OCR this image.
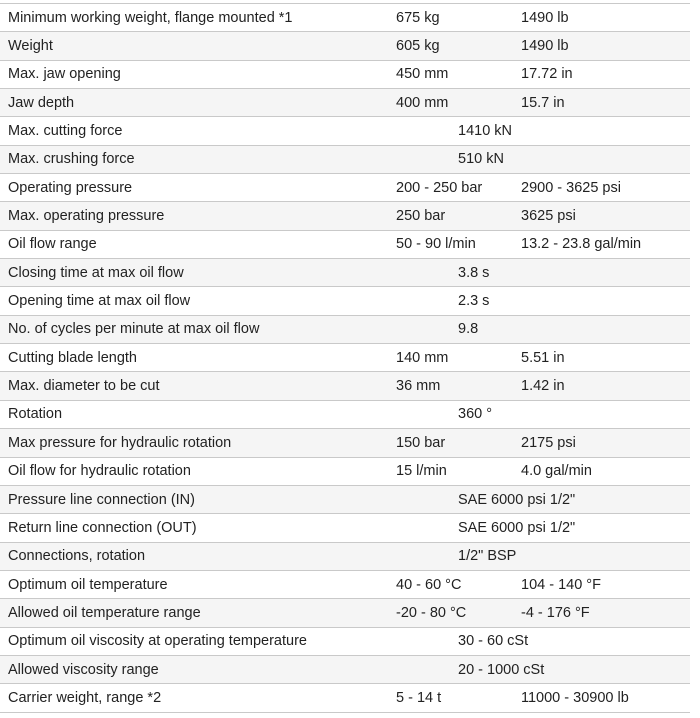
Minimum working weight, flange mounted *1	675 kg	1490 lb
Weight	605 kg	1490 lb
Max. jaw opening	450 mm	17.72 in
Jaw depth	400 mm	15.7 in
Max. cutting force	1410 kN	
Max. crushing force	510 kN	
Operating pressure	200 - 250 bar	2900 - 3625 psi
Max. operating pressure	250 bar	3625 psi
Oil flow range	50 - 90 l/min	13.2 - 23.8 gal/min
Closing time at max oil flow	3.8 s	
Opening time at max oil flow	2.3 s	
No. of cycles per minute at max oil flow	9.8	
Cutting blade length	140 mm	5.51 in
Max. diameter to be cut	36 mm	1.42 in
Rotation	360 °	
Max pressure for hydraulic rotation	150 bar	2175 psi
Oil flow for hydraulic rotation	15 l/min	4.0 gal/min
Pressure line connection (IN)	SAE 6000 psi 1/2"	
Return line connection (OUT)	SAE 6000 psi 1/2"	
Connections, rotation	1/2" BSP	
Optimum oil temperature	40 - 60 °C	104 - 140 °F
Allowed oil temperature range	-20 - 80 °C	-4 - 176 °F
Optimum oil viscosity at operating temperature	30 - 60 cSt	
Allowed viscosity range	20 - 1000 cSt	
Carrier weight, range *2	5 - 14 t	11000 - 30900 lb
